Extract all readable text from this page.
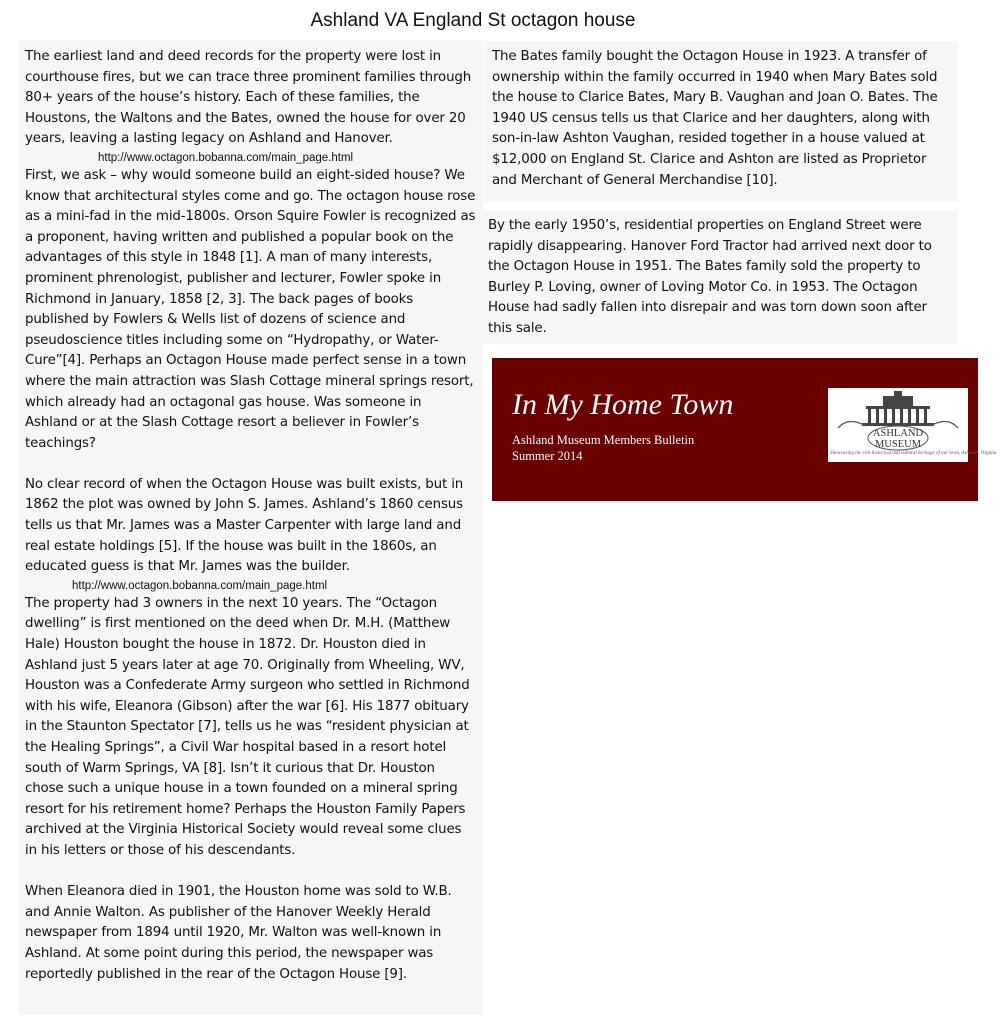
Ashland VA England St octagon house

The earliest land and deed records for the property were lost in courthouse fires, but we can trace three prominent families through 80+ years of the house’s history. Each of these families, the Houstons, the Waltons and the Bates, owned the house for over 20 years, leaving a lasting legacy on Ashland and Hanover.

http://www.octagon.bobanna.com/main_page.html

First, we ask – why would someone build an eight-sided house? We know that architectural styles come and go. The octagon house rose as a mini-fad in the mid-1800s. Orson Squire Fowler is recognized as a proponent, having written and published a popular book on the advantages of this style in 1848 [1]. A man of many interests, prominent phrenologist, publisher and lecturer, Fowler spoke in Richmond in January, 1858 [2, 3]. The back pages of books published by Fowlers & Wells list of dozens of science and pseudoscience titles including some on “Hydropathy, or Water-Cure”[4]. Perhaps an Octagon House made perfect sense in a town where the main attraction was Slash Cottage mineral springs resort, which already had an octagonal gas house. Was someone in Ashland or at the Slash Cottage resort a believer in Fowler’s teachings?

No clear record of when the Octagon House was built exists, but in 1862 the plot was owned by John S. James. Ashland’s 1860 census tells us that Mr. James was a Master Carpenter with large land and real estate holdings [5]. If the house was built in the 1860s, an educated guess is that Mr. James was the builder.

http://www.octagon.bobanna.com/main_page.html

The property had 3 owners in the next 10 years. The “Octagon dwelling” is first mentioned on the deed when Dr. M.H. (Matthew Hale) Houston bought the house in 1872. Dr. Houston died in Ashland just 5 years later at age 70. Originally from Wheeling, WV, Houston was a Confederate Army surgeon who settled in Richmond with his wife, Eleanora (Gibson) after the war [6]. His 1877 obituary in the Staunton Spectator [7], tells us he was “resident physician at the Healing Springs”, a Civil War hospital based in a resort hotel south of Warm Springs, VA [8]. Isn’t it curious that Dr. Houston chose such a unique house in a town founded on a mineral spring resort for his retirement home? Perhaps the Houston Family Papers archived at the Virginia Historical Society would reveal some clues in his letters or those of his descendants.

When Eleanora died in 1901, the Houston home was sold to W.B. and Annie Walton. As publisher of the Hanover Weekly Herald newspaper from 1894 until 1920, Mr. Walton was well-known in Ashland. At some point during this period, the newspaper was reportedly published in the rear of the Octagon House [9].

The Bates family bought the Octagon House in 1923. A transfer of ownership within the family occurred in 1940 when Mary Bates sold the house to Clarice Bates, Mary B. Vaughan and Joan O. Bates. The 1940 US census tells us that Clarice and her daughters, along with son-in-law Ashton Vaughan, resided together in a house valued at $12,000 on England St. Clarice and Ashton are listed as Proprietor and Merchant of General Merchandise [10].

By the early 1950’s, residential properties on England Street were rapidly disappearing. Hanover Ford Tractor had arrived next door to the Octagon House in 1951. The Bates family sold the property to Burley P. Loving, owner of Loving Motor Co. in 1953. The Octagon House had sadly fallen into disrepair and was torn down soon after this sale.

In My Home Town
Ashland Museum Members Bulletin
Summer 2014
ASHLAND
MUSEUM
Showcasing the rich historical and cultural heritage of our town, Ashland, Virginia
